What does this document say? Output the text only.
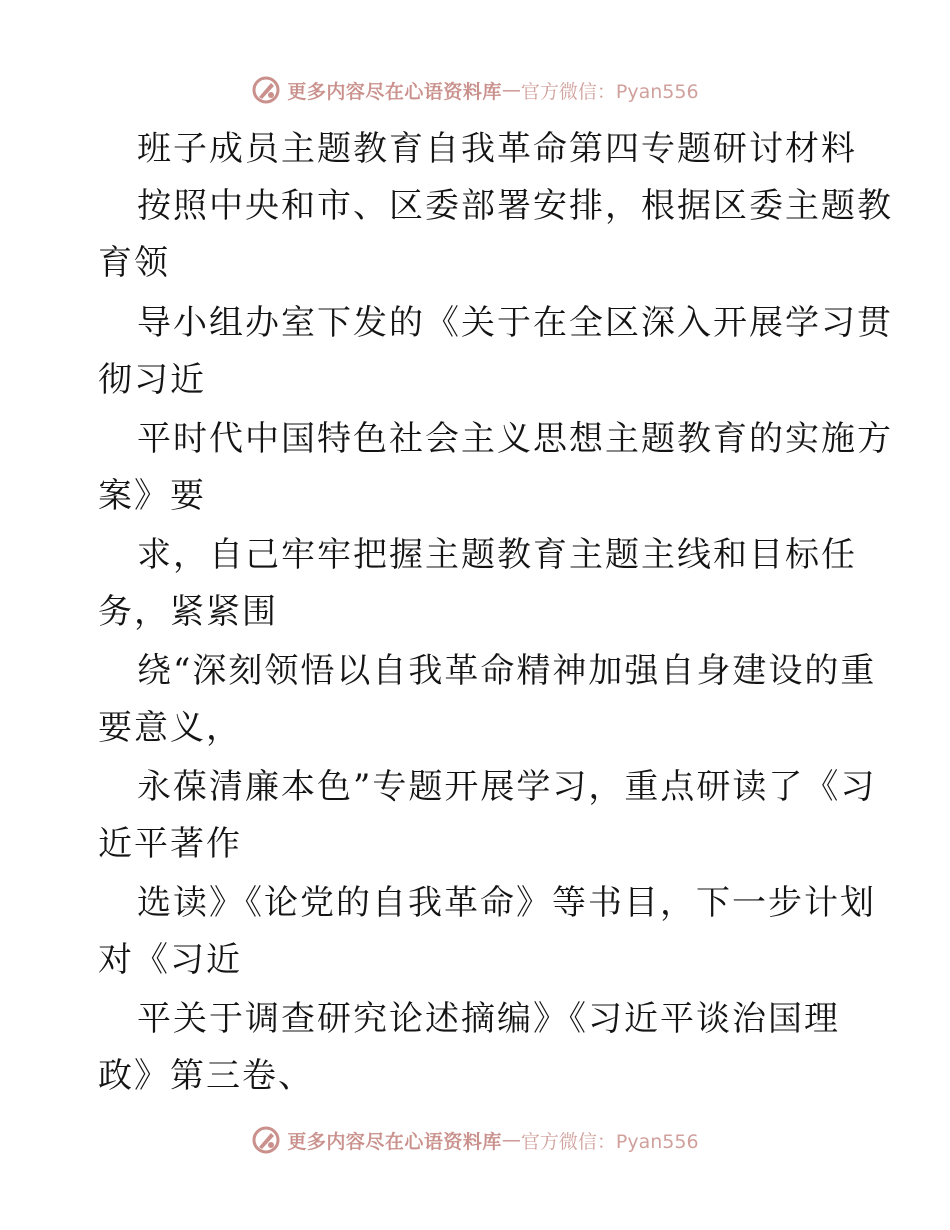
更多内容尽在心语资料库 — 官方微信：Pyan556
班子成员主题教育自我革命第四专题研讨材料
按照中央和市、区委部署安排，根据区委主题教
育领
导小组办室下发的《关于在全区深入开展学习贯
彻习近
平时代中国特色社会主义思想主题教育的实施方
案》要
求，自己牢牢把握主题教育主题主线和目标任
务，紧紧围
绕“深刻领悟以自我革命精神加强自身建设的重
要意义，
永葆清廉本色”专题开展学习，重点研读了《习
近平著作
选读》《论党的自我革命》等书目，下一步计划
对《习近
平关于调查研究论述摘编》《习近平谈治国理
政》第三卷、
更多内容尽在心语资料库 — 官方微信：Pyan556
